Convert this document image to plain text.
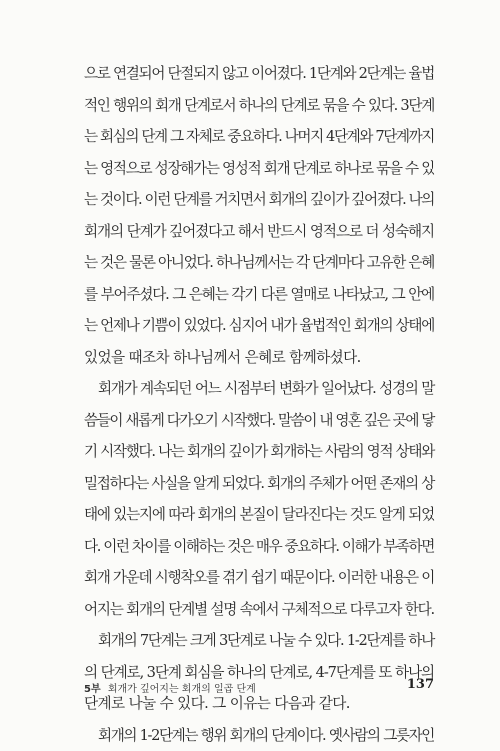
으로 연결되어 단절되지 않고 이어졌다. 1단계와 2단계는 율법
적인 행위의 회개 단계로서 하나의 단계로 묶을 수 있다. 3단계
는 회심의 단계 그 자체로 중요하다. 나머지 4단계와 7단계까지
는 영적으로 성장해가는 영성적 회개 단계로 하나로 묶을 수 있
는 것이다. 이런 단계를 거치면서 회개의 깊이가 깊어졌다. 나의
회개의 단계가 깊어졌다고 해서 반드시 영적으로 더 성숙해지
는 것은 물론 아니었다. 하나님께서는 각 단계마다 고유한 은혜
를 부어주셨다. 그 은혜는 각기 다른 열매로 나타났고, 그 안에
는 언제나 기쁨이 있었다. 심지어 내가 율법적인 회개의 상태에
있었을 때조차 하나님께서 은혜로 함께하셨다.
회개가 계속되던 어느 시점부터 변화가 일어났다. 성경의 말
씀들이 새롭게 다가오기 시작했다. 말씀이 내 영혼 깊은 곳에 닿
기 시작했다. 나는 회개의 깊이가 회개하는 사람의 영적 상태와
밀접하다는 사실을 알게 되었다. 회개의 주체가 어떤 존재의 상
태에 있는지에 따라 회개의 본질이 달라진다는 것도 알게 되었
다. 이런 차이를 이해하는 것은 매우 중요하다. 이해가 부족하면
회개 가운데 시행착오를 겪기 쉽기 때문이다. 이러한 내용은 이
어지는 회개의 단계별 설명 속에서 구체적으로 다루고자 한다.
회개의 7단계는 크게 3단계로 나눌 수 있다. 1-2단계를 하나
의 단계로, 3단계 회심을 하나의 단계로, 4-7단계를 또 하나의
단계로 나눌 수 있다. 그 이유는 다음과 같다.
회개의 1-2단계는 행위 회개의 단계이다. 옛사람의 그릇자인
5부 회개가 깊어지는 회개의 일곱 단계	137
